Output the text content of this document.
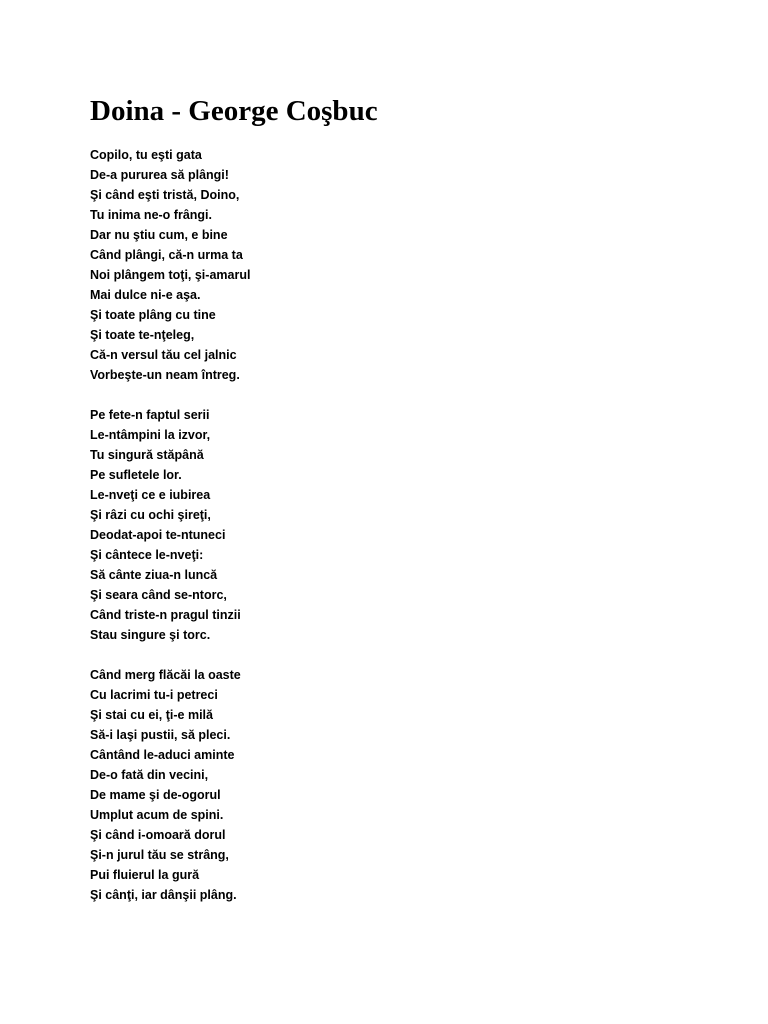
Doina - George Coşbuc
Copilo, tu eşti gata
De-a pururea să plângi!
Şi când eşti tristă, Doino,
Tu inima ne-o frângi.
Dar nu ştiu cum, e bine
Când plângi, că-n urma ta
Noi plângem toţi, şi-amarul
Mai dulce ni-e aşa.
Şi toate plâng cu tine
Şi toate te-nţeleg,
Că-n versul tău cel jalnic
Vorbeşte-un neam întreg.
Pe fete-n faptul serii
Le-ntâmpini la izvor,
Tu singură stăpână
Pe sufletele lor.
Le-nveţi ce e iubirea
Şi râzi cu ochi şireţi,
Deodat-apoi te-ntuneci
Şi cântece le-nveţi:
Să cânte ziua-n luncă
Şi seara când se-ntorc,
Când triste-n pragul tinzii
Stau singure şi torc.
Când merg flăcăi la oaste
Cu lacrimi tu-i petreci
Şi stai cu ei, ţi-e milă
Să-i laşi pustii, să pleci.
Cântând le-aduci aminte
De-o fată din vecini,
De mame şi de-ogorul
Umplut acum de spini.
Şi când i-omoară dorul
Şi-n jurul tău se strâng,
Pui fluierul la gură
Şi cânţi, iar dânşii plâng.
